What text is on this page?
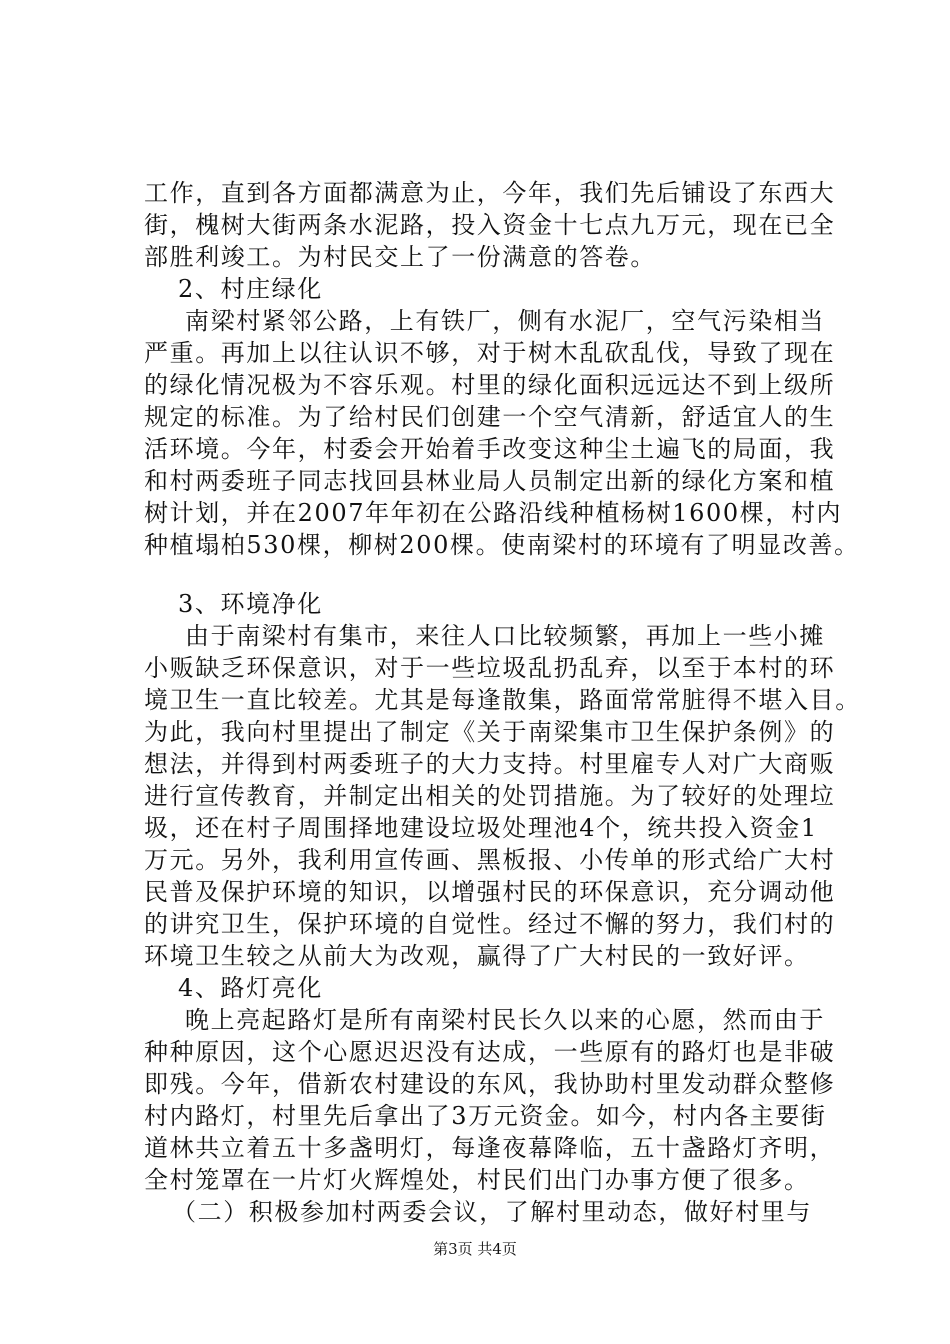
工作，直到各方面都满意为止，今年，我们先后铺设了东西大
街，槐树大街两条水泥路，投入资金十七点九万元，现在已全
部胜利竣工。为村民交上了一份满意的答卷。
2、村庄绿化
南梁村紧邻公路，上有铁厂，侧有水泥厂，空气污染相当
严重。再加上以往认识不够，对于树木乱砍乱伐，导致了现在
的绿化情况极为不容乐观。村里的绿化面积远远达不到上级所
规定的标准。为了给村民们创建一个空气清新，舒适宜人的生
活环境。今年，村委会开始着手改变这种尘土遍飞的局面，我
和村两委班子同志找回县林业局人员制定出新的绿化方案和植
树计划，并在2007年年初在公路沿线种植杨树1600棵，村内
种植塌柏530棵，柳树200棵。使南梁村的环境有了明显改善。
3、环境净化
由于南梁村有集市，来往人口比较频繁，再加上一些小摊
小贩缺乏环保意识，对于一些垃圾乱扔乱弃，以至于本村的环
境卫生一直比较差。尤其是每逢散集，路面常常脏得不堪入目。
为此，我向村里提出了制定《关于南梁集市卫生保护条例》的
想法，并得到村两委班子的大力支持。村里雇专人对广大商贩
进行宣传教育，并制定出相关的处罚措施。为了较好的处理垃
圾，还在村子周围择地建设垃圾处理池4个，统共投入资金1
万元。另外，我利用宣传画、黑板报、小传单的形式给广大村
民普及保护环境的知识，以增强村民的环保意识，充分调动他
的讲究卫生，保护环境的自觉性。经过不懈的努力，我们村的
环境卫生较之从前大为改观，赢得了广大村民的一致好评。
4、路灯亮化
晚上亮起路灯是所有南梁村民长久以来的心愿，然而由于
种种原因，这个心愿迟迟没有达成，一些原有的路灯也是非破
即残。今年，借新农村建设的东风，我协助村里发动群众整修
村内路灯，村里先后拿出了3万元资金。如今，村内各主要街
道林共立着五十多盏明灯，每逢夜幕降临，五十盏路灯齐明，
全村笼罩在一片灯火辉煌处，村民们出门办事方便了很多。
（二）积极参加村两委会议，了解村里动态，做好村里与
第3页 共4页
